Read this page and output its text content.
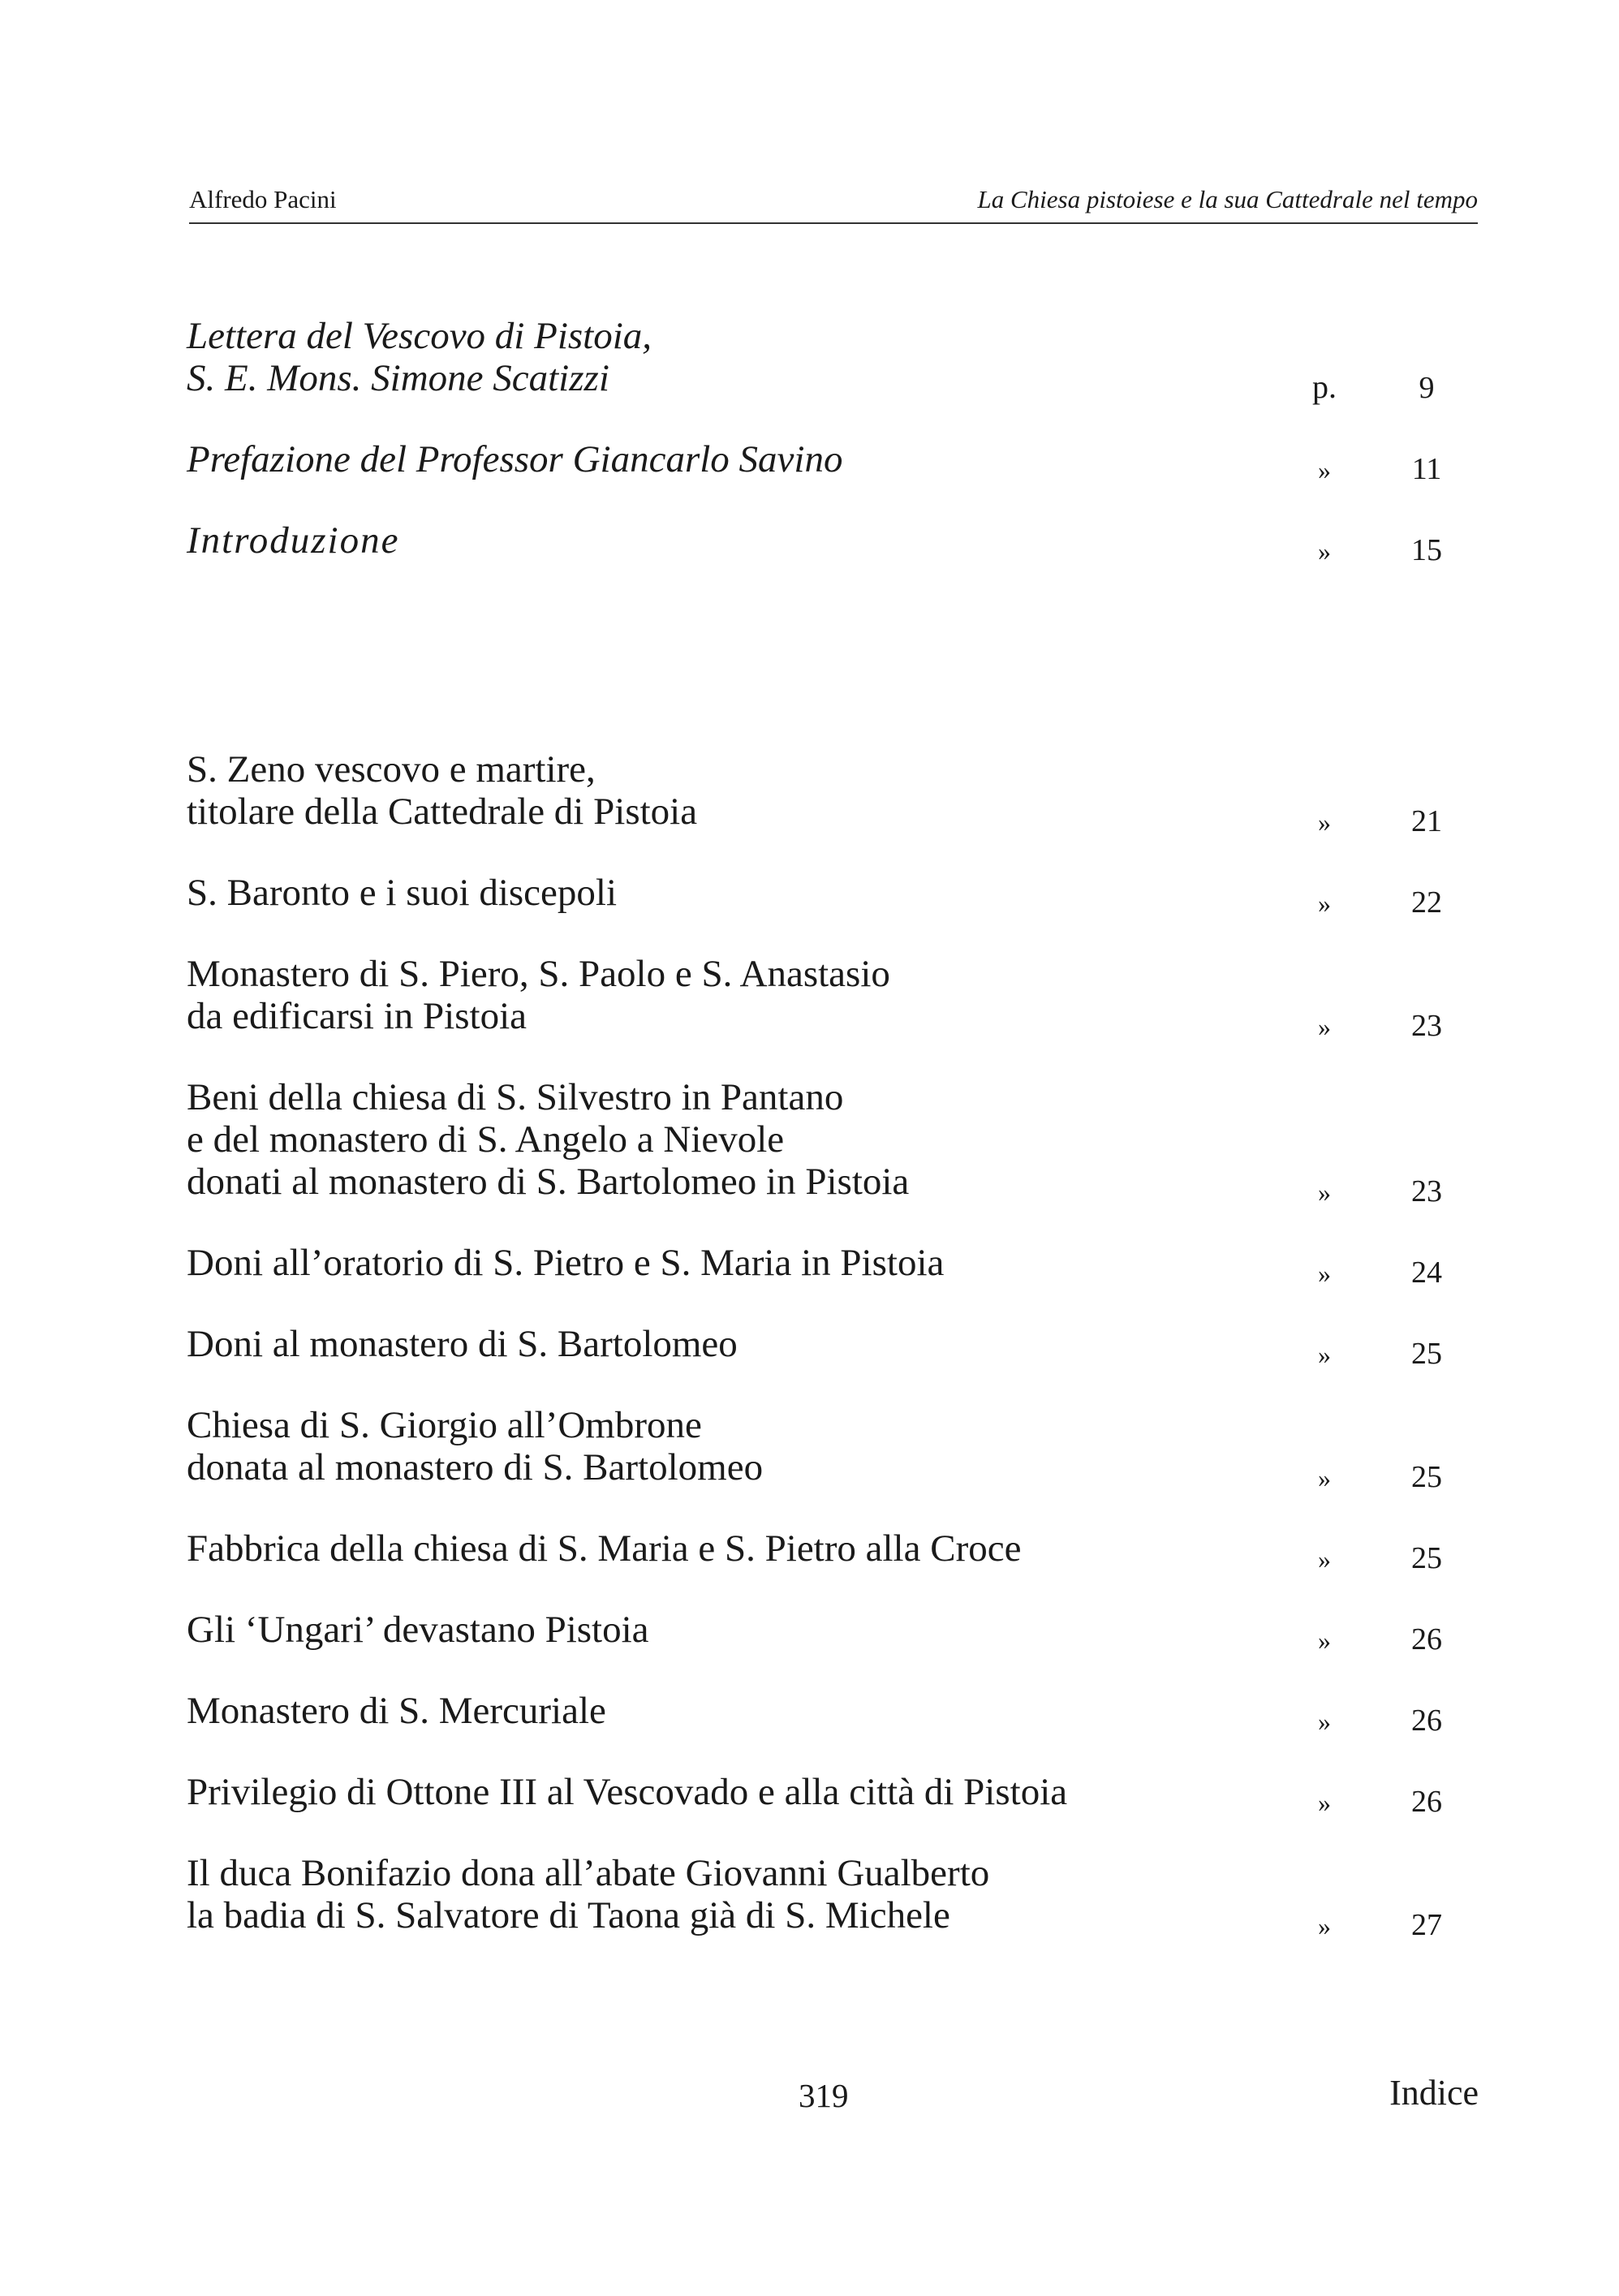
Alfredo Pacini	La Chiesa pistoiese e la sua Cattedrale nel tempo
Lettera del Vescovo di Pistoia,
S. E. Mons. Simone Scatizzi	p.	9
Prefazione del Professor Giancarlo Savino	»	11
Introduzione	»	15
S. Zeno vescovo e martire,
titolare della Cattedrale di Pistoia	»	21
S. Baronto e i suoi discepoli	»	22
Monastero di S. Piero, S. Paolo e S. Anastasio
da edificarsi in Pistoia	»	23
Beni della chiesa di S. Silvestro in Pantano
e del monastero di S. Angelo a Nievole
donati al monastero di S. Bartolomeo in Pistoia	»	23
Doni all’oratorio di S. Pietro e S. Maria in Pistoia	»	24
Doni al monastero di S. Bartolomeo	»	25
Chiesa di S. Giorgio all’Ombrone
donata al monastero di S. Bartolomeo	»	25
Fabbrica della chiesa di S. Maria e S. Pietro alla Croce	»	25
Gli ‘Ungari’ devastano Pistoia	»	26
Monastero di S. Mercuriale	»	26
Privilegio di Ottone III al Vescovado e alla città di Pistoia	»	26
Il duca Bonifazio dona all’abate Giovanni Gualberto
la badia di S. Salvatore di Taona già di S. Michele	»	27
319	Indice
